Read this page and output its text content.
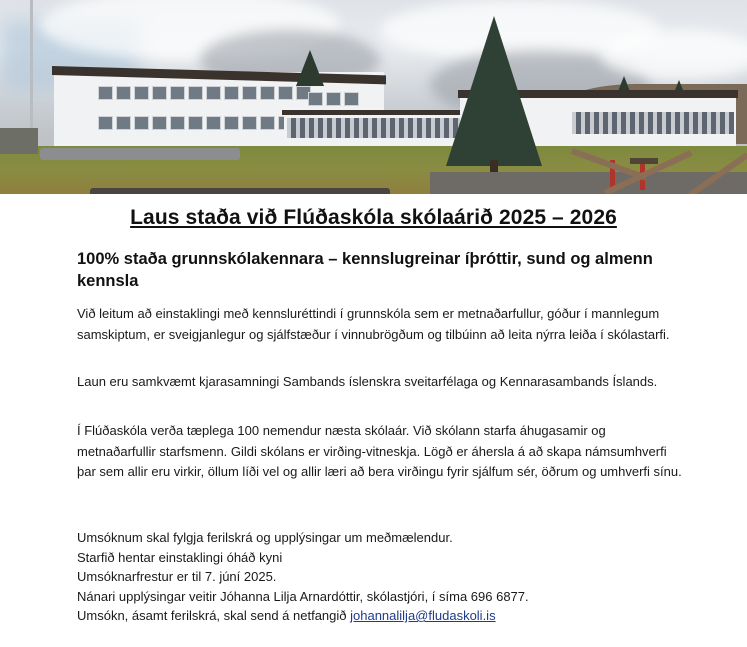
Laus staða við Flúðaskóla skólaárið 2025 – 2026
100% staða grunnskólakennara – kennslugreinar íþróttir, sund og almenn kennsla
Við leitum að einstaklingi með kennsluréttindi í grunnskóla sem er metnaðarfullur, góður í mannlegum samskiptum, er sveigjanlegur og sjálfstæður í vinnubrögðum og tilbúinn að leita nýrra leiða í skólastarfi.
Laun eru samkvæmt kjarasamningi Sambands íslenskra sveitarfélaga og Kennarasambands Íslands.
Í Flúðaskóla verða tæplega 100 nemendur næsta skólaár. Við skólann starfa áhugasamir og metnaðarfullir starfsmenn. Gildi skólans er virðing-vitneskja. Lögð er áhersla á að skapa námsumhverfi þar sem allir eru virkir, öllum líði vel og allir læri að bera virðingu fyrir sjálfum sér, öðrum og umhverfi sínu.
Umsóknum skal fylgja ferilskrá og upplýsingar um meðmælendur.
Starfið hentar einstaklingi óháð kyni
Umsóknarfrestur er til 7. júní 2025.
Nánari upplýsingar veitir Jóhanna Lilja Arnardóttir, skólastjóri, í síma 696 6877.
Umsókn, ásamt ferilskrá, skal send á netfangið johannalilja@fludaskoli.is
